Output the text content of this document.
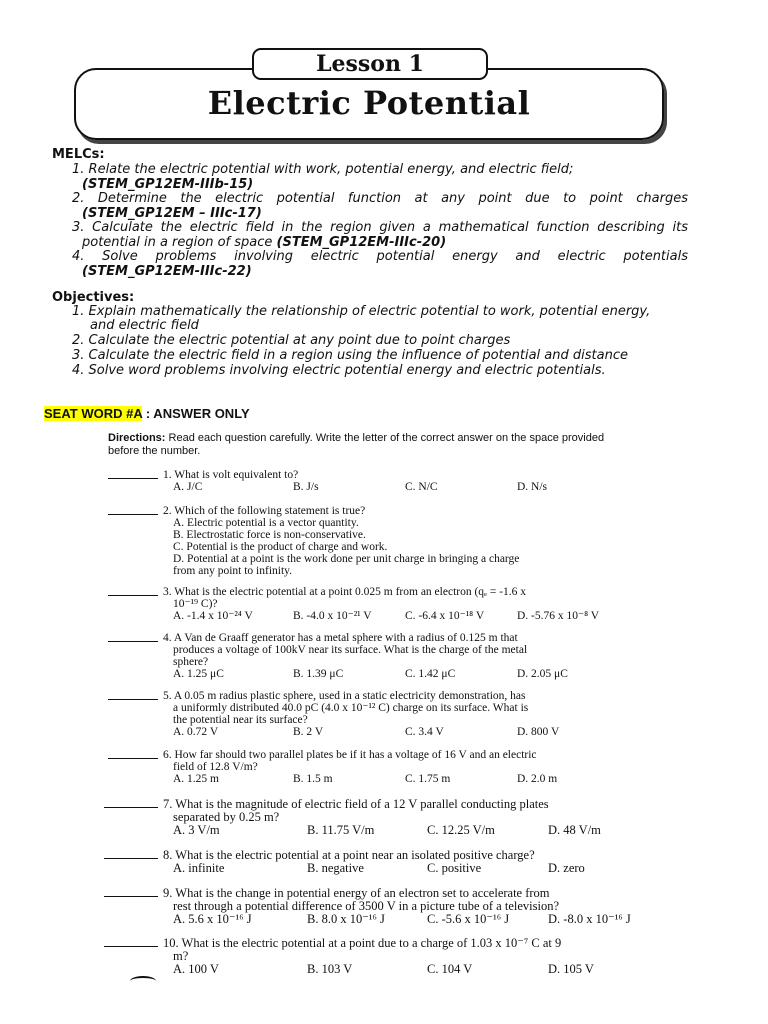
Lesson 1
Electric Potential
MELCs:
1. Relate the electric potential with work, potential energy, and electric field;
(STEM_GP12EM-IIIb-15)
2. Determine the electric potential function at any point due to point charges
(STEM_GP12EM – IIIc-17)
3. Calculate the electric field in the region given a mathematical function describing its
potential in a region of space (STEM_GP12EM-IIIc-20)
4. Solve problems involving electric potential energy and electric potentials
(STEM_GP12EM-IIIc-22)
Objectives:
1. Explain mathematically the relationship of electric potential to work, potential energy,
and electric field
2. Calculate the electric potential at any point due to point charges
3. Calculate the electric field in a region using the influence of potential and distance
4. Solve word problems involving electric potential energy and electric potentials.
SEAT WORD #A : ANSWER ONLY
Directions: Read each question carefully. Write the letter of the correct answer on the space provided before the number.
1. What is volt equivalent to?
A. J/C	B. J/s	C. N/C	D. N/s
2. Which of the following statement is true?
A. Electric potential is a vector quantity.
B. Electrostatic force is non-conservative.
C. Potential is the product of charge and work.
D. Potential at a point is the work done per unit charge in bringing a charge
from any point to infinity.
3. What is the electric potential at a point 0.025 m from an electron (qₑ = -1.6 x
10⁻¹⁹ C)?
A. -1.4 x 10⁻²⁴ V	B. -4.0 x 10⁻²¹ V	C. -6.4 x 10⁻¹⁸ V	D. -5.76 x 10⁻⁸ V
4. A Van de Graaff generator has a metal sphere with a radius of 0.125 m that
produces a voltage of 100kV near its surface. What is the charge of the metal
sphere?
A. 1.25 μC	B. 1.39 μC	C. 1.42 μC	D. 2.05 μC
5. A 0.05 m radius plastic sphere, used in a static electricity demonstration, has
a uniformly distributed 40.0 pC (4.0 x 10⁻¹² C) charge on its surface. What is
the potential near its surface?
A. 0.72 V	B. 2 V	C. 3.4 V	D. 800 V
6. How far should two parallel plates be if it has a voltage of 16 V and an electric
field of 12.8 V/m?
A. 1.25 m	B. 1.5 m	C. 1.75 m	D. 2.0 m
7. What is the magnitude of electric field of a 12 V parallel conducting plates
separated by 0.25 m?
A. 3 V/m	B. 11.75 V/m	C. 12.25 V/m	D. 48 V/m
8. What is the electric potential at a point near an isolated positive charge?
A. infinite	B. negative	C. positive	D. zero
9. What is the change in potential energy of an electron set to accelerate from
rest through a potential difference of 3500 V in a picture tube of a television?
A. 5.6 x 10⁻¹⁶ J	B. 8.0 x 10⁻¹⁶ J	C. -5.6 x 10⁻¹⁶ J	D. -8.0 x 10⁻¹⁶ J
10. What is the electric potential at a point due to a charge of 1.03 x 10⁻⁷ C at 9
m?
A. 100 V	B. 103 V	C. 104 V	D. 105 V
